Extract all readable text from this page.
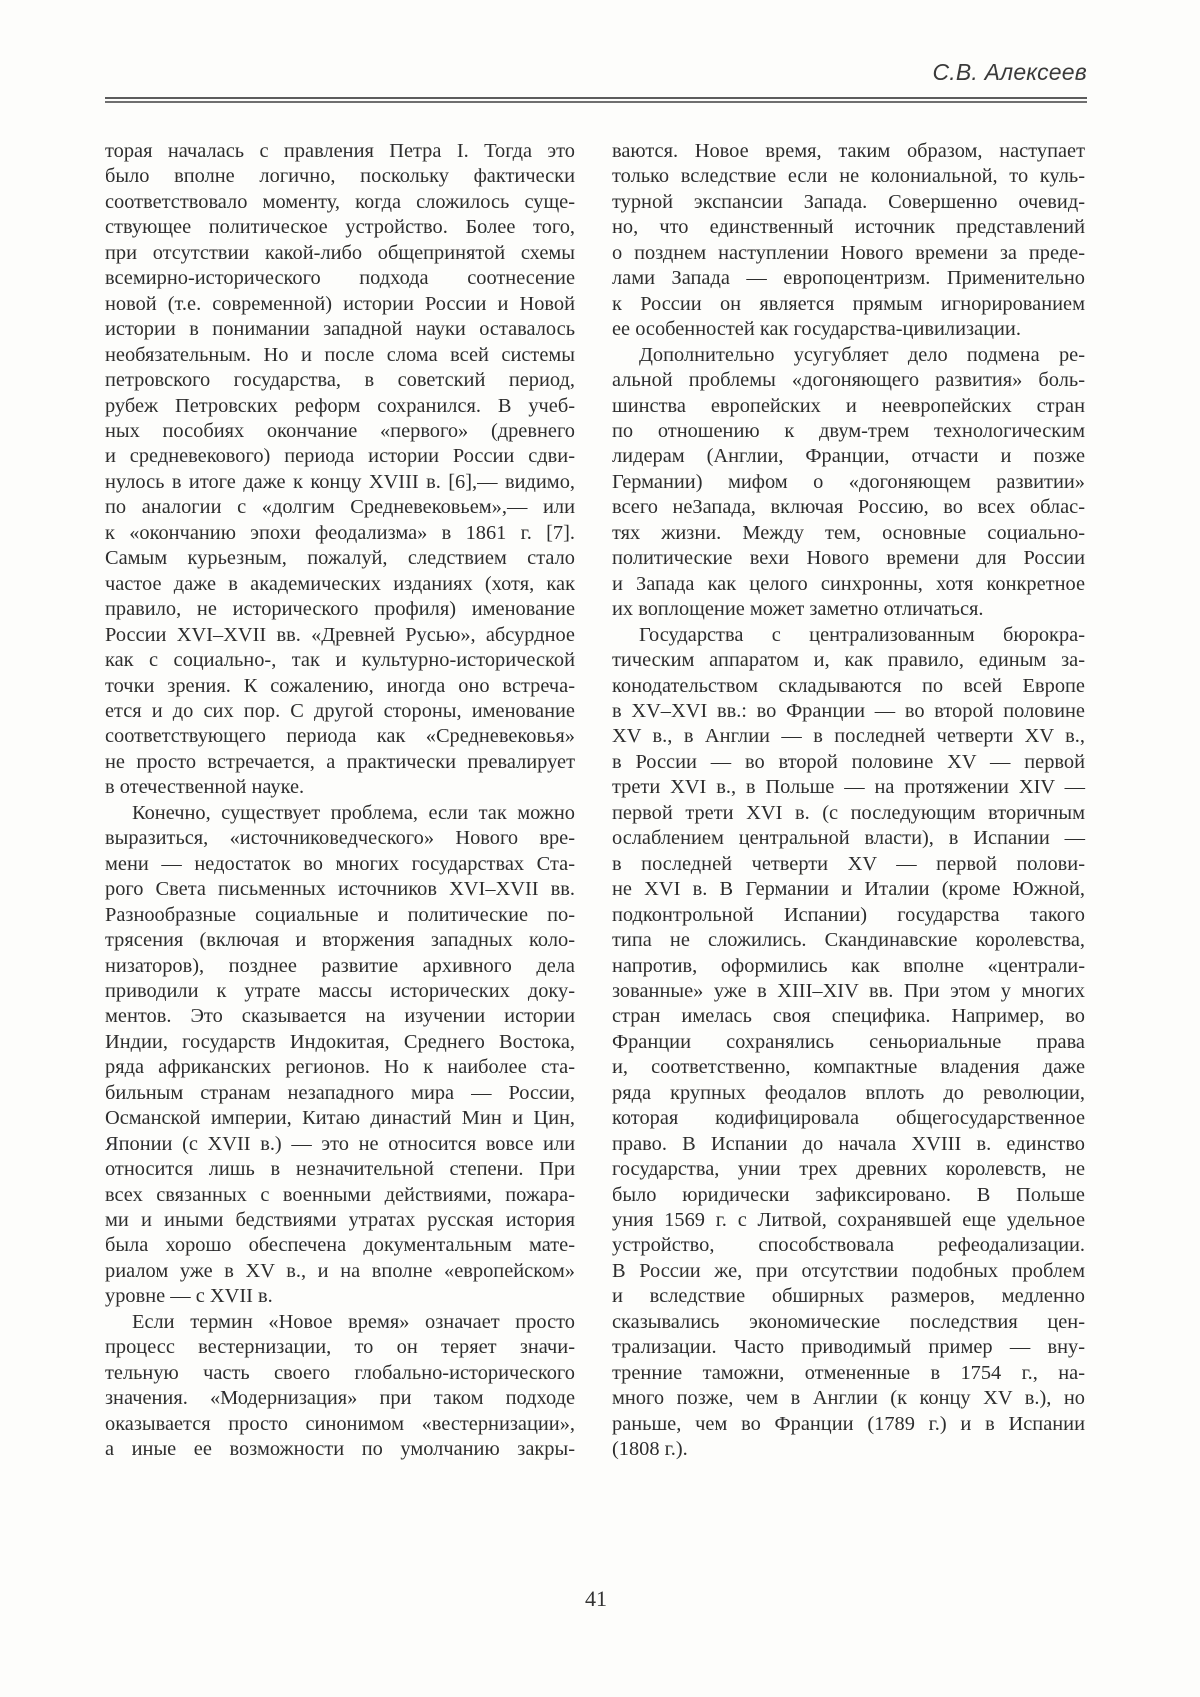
С.В. Алексеев
торая началась с правления Петра I. Тогда это
было вполне логично, поскольку фактически
соответствовало моменту, когда сложилось суще-
ствующее политическое устройство. Более того,
при отсутствии какой-либо общепринятой схемы
всемирно-исторического подхода соотнесение
новой (т.е. современной) истории России и Новой
истории в понимании западной науки оставалось
необязательным. Но и после слома всей системы
петровского государства, в советский период,
рубеж Петровских реформ сохранился. В учеб-
ных пособиях окончание «первого» (древнего
и средневекового) периода истории России сдви-
нулось в итоге даже к концу XVIII в. [6],— видимо,
по аналогии с «долгим Средневековьем»,— или
к «окончанию эпохи феодализма» в 1861 г. [7].
Самым курьезным, пожалуй, следствием стало
частое даже в академических изданиях (хотя, как
правило, не исторического профиля) именование
России XVI–XVII вв. «Древней Русью», абсурдное
как с социально-, так и культурно-исторической
точки зрения. К сожалению, иногда оно встреча-
ется и до сих пор. С другой стороны, именование
соответствующего периода как «Средневековья»
не просто встречается, а практически превалирует
в отечественной науке.
Конечно, существует проблема, если так можно
выразиться, «источниковедческого» Нового вре-
мени — недостаток во многих государствах Ста-
рого Света письменных источников XVI–XVII вв.
Разнообразные социальные и политические по-
трясения (включая и вторжения западных коло-
низаторов), позднее развитие архивного дела
приводили к утрате массы исторических доку-
ментов. Это сказывается на изучении истории
Индии, государств Индокитая, Среднего Востока,
ряда африканских регионов. Но к наиболее ста-
бильным странам незападного мира — России,
Османской империи, Китаю династий Мин и Цин,
Японии (с XVII в.) — это не относится вовсе или
относится лишь в незначительной степени. При
всех связанных с военными действиями, пожара-
ми и иными бедствиями утратах русская история
была хорошо обеспечена документальным мате-
риалом уже в XV в., и на вполне «европейском»
уровне — с XVII в.
Если термин «Новое время» означает просто
процесс вестернизации, то он теряет значи-
тельную часть своего глобально-исторического
значения. «Модернизация» при таком подходе
оказывается просто синонимом «вестернизации»,
а иные ее возможности по умолчанию закры-
ваются. Новое время, таким образом, наступает
только вследствие если не колониальной, то куль-
турной экспансии Запада. Совершенно очевид-
но, что единственный источник представлений
о позднем наступлении Нового времени за преде-
лами Запада — европоцентризм. Применительно
к России он является прямым игнорированием
ее особенностей как государства-цивилизации.
Дополнительно усугубляет дело подмена ре-
альной проблемы «догоняющего развития» боль-
шинства европейских и неевропейских стран
по отношению к двум-трем технологическим
лидерам (Англии, Франции, отчасти и позже
Германии) мифом о «догоняющем развитии»
всего неЗапада, включая Россию, во всех облас-
тях жизни. Между тем, основные социально-
политические вехи Нового времени для России
и Запада как целого синхронны, хотя конкретное
их воплощение может заметно отличаться.
Государства с централизованным бюрокра-
тическим аппаратом и, как правило, единым за-
конодательством складываются по всей Европе
в XV–XVI вв.: во Франции — во второй половине
XV в., в Англии — в последней четверти XV в.,
в России — во второй половине XV — первой
трети XVI в., в Польше — на протяжении XIV —
первой трети XVI в. (с последующим вторичным
ослаблением центральной власти), в Испании —
в последней четверти XV — первой полови-
не XVI в. В Германии и Италии (кроме Южной,
подконтрольной Испании) государства такого
типа не сложились. Скандинавские королевства,
напротив, оформились как вполне «централи-
зованные» уже в XIII–XIV вв. При этом у многих
стран имелась своя специфика. Например, во
Франции сохранялись сеньориальные права
и, соответственно, компактные владения даже
ряда крупных феодалов вплоть до революции,
которая кодифицировала общегосударственное
право. В Испании до начала XVIII в. единство
государства, унии трех древних королевств, не
было юридически зафиксировано. В Польше
уния 1569 г. с Литвой, сохранявшей еще удельное
устройство, способствовала рефеодализации.
В России же, при отсутствии подобных проблем
и вследствие обширных размеров, медленно
сказывались экономические последствия цен-
трализации. Часто приводимый пример — вну-
тренние таможни, отмененные в 1754 г., на-
много позже, чем в Англии (к концу XV в.), но
раньше, чем во Франции (1789 г.) и в Испании
(1808 г.).
41
